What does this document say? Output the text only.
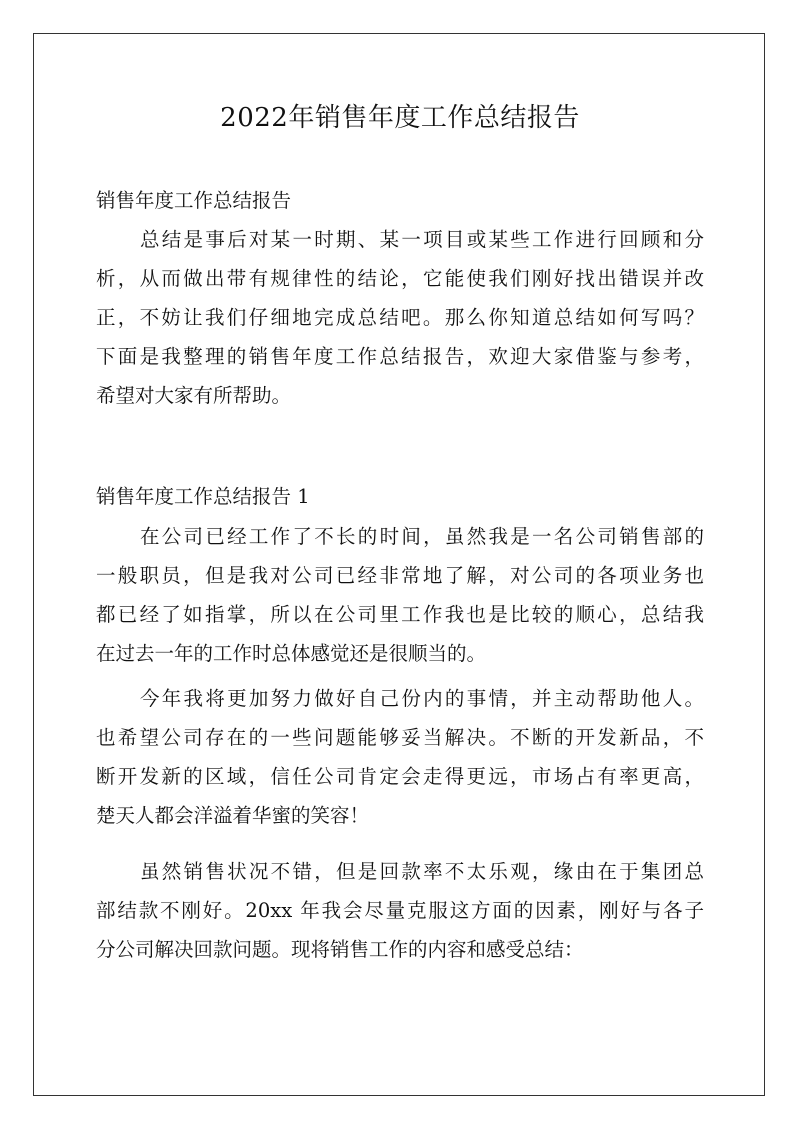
2022年销售年度工作总结报告
销售年度工作总结报告
总结是事后对某一时期、某一项目或某些工作进行回顾和分
析，从而做出带有规律性的结论，它能使我们刚好找出错误并改
正，不妨让我们仔细地完成总结吧。那么你知道总结如何写吗？
下面是我整理的销售年度工作总结报告，欢迎大家借鉴与参考，
希望对大家有所帮助。
销售年度工作总结报告 1
在公司已经工作了不长的时间，虽然我是一名公司销售部的
一般职员，但是我对公司已经非常地了解，对公司的各项业务也
都已经了如指掌，所以在公司里工作我也是比较的顺心，总结我
在过去一年的工作时总体感觉还是很顺当的。
今年我将更加努力做好自己份内的事情，并主动帮助他人。
也希望公司存在的一些问题能够妥当解决。不断的开发新品，不
断开发新的区域，信任公司肯定会走得更远，市场占有率更高，
楚天人都会洋溢着华蜜的笑容！
虽然销售状况不错，但是回款率不太乐观，缘由在于集团总
部结款不刚好。20xx 年我会尽量克服这方面的因素，刚好与各子
分公司解决回款问题。现将销售工作的内容和感受总结：
